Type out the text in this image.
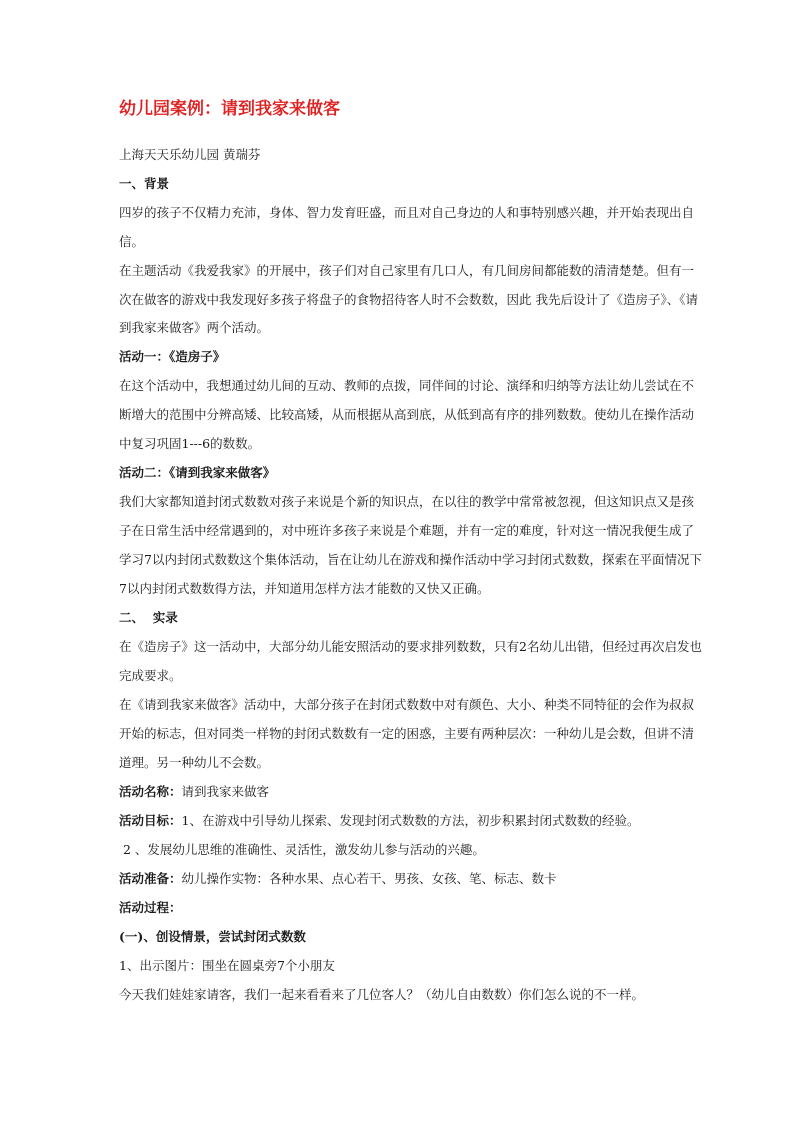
幼儿园案例：请到我家来做客
上海天天乐幼儿园 黄瑞芬
一、背景
四岁的孩子不仅精力充沛，身体、智力发育旺盛，而且对自己身边的人和事特别感兴趣，并开始表现出自
信。
在主题活动《我爱我家》的开展中，孩子们对自己家里有几口人，有几间房间都能数的清清楚楚。但有一
次在做客的游戏中我发现好多孩子将盘子的食物招待客人时不会数数，因此 我先后设计了《造房子》、《请
到我家来做客》两个活动。
活动一：《造房子》
在这个活动中，我想通过幼儿间的互动、教师的点拨，同伴间的讨论、演绎和归纳等方法让幼儿尝试在不
断增大的范围中分辨高矮、比较高矮，从而根据从高到底，从低到高有序的排列数数。使幼儿在操作活动
中复习巩固1---6的数数。
活动二：《请到我家来做客》
我们大家都知道封闭式数数对孩子来说是个新的知识点，在以往的教学中常常被忽视，但这知识点又是孩
子在日常生活中经常遇到的，对中班许多孩子来说是个难题，并有一定的难度，针对这一情况我便生成了
学习7以内封闭式数数这个集体活动，旨在让幼儿在游戏和操作活动中学习封闭式数数，探索在平面情况下
7以内封闭式数数得方法，并知道用怎样方法才能数的又快又正确。
二、  实录
在《造房子》这一活动中，大部分幼儿能安照活动的要求排列数数，只有2名幼儿出错，但经过再次启发也
完成要求。
在《请到我家来做客》活动中，大部分孩子在封闭式数数中对有颜色、大小、种类不同特征的会作为叔叔
开始的标志，但对同类一样物的封闭式数数有一定的困惑，主要有两种层次：一种幼儿是会数，但讲不清
道理。另一种幼儿不会数。
活动名称：请到我家来做客
活动目标：1、在游戏中引导幼儿探索、发现封闭式数数的方法，初步积累封闭式数数的经验。
2 、发展幼儿思维的准确性、灵活性，激发幼儿参与活动的兴趣。
活动准备：幼儿操作实物：各种水果、点心若干、男孩、女孩、笔、标志、数卡
活动过程：
(一)、创设情景，尝试封闭式数数
1、出示图片：围坐在圆桌旁7个小朋友
今天我们娃娃家请客，我们一起来看看来了几位客人？（幼儿自由数数）你们怎么说的不一样。
